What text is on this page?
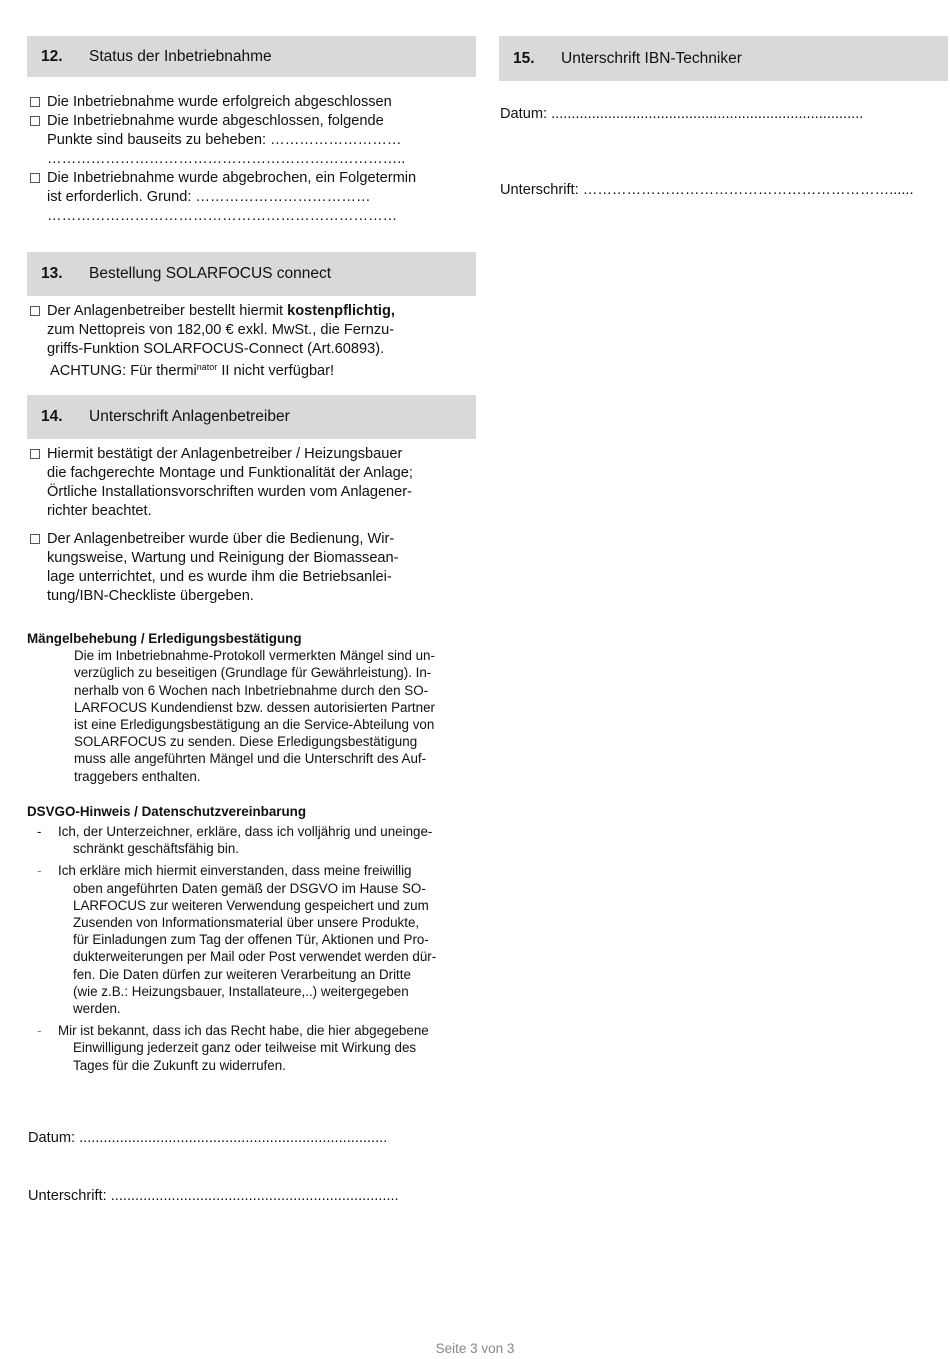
12.	Status der Inbetriebnahme
Die Inbetriebnahme wurde erfolgreich abgeschlossen
Die Inbetriebnahme wurde abgeschlossen, folgende
Punkte sind bauseits zu beheben: ………………………
………………………………………………………………..
Die Inbetriebnahme wurde abgebrochen, ein Folgetermin
ist erforderlich. Grund: ………………………………
………………………………………………………………
13.	Bestellung SOLARFOCUS connect
Der Anlagenbetreiber bestellt hiermit kostenpflichtig,
zum Nettopreis von 182,00 € exkl. MwSt., die Fernzu-
griffs-Funktion SOLARFOCUS-Connect (Art.60893).
ACHTUNG: Für thermi$^{nator}$ II nicht verfügbar!
14.	Unterschrift Anlagenbetreiber
Hiermit bestätigt der Anlagenbetreiber / Heizungsbauer
die fachgerechte Montage und Funktionalität der Anlage;
Örtliche Installationsvorschriften wurden vom Anlagener-
richter beachtet.
Der Anlagenbetreiber wurde über die Bedienung, Wir-
kungsweise, Wartung und Reinigung der Biomassean-
lage unterrichtet, und es wurde ihm die Betriebsanlei-
tung/IBN-Checkliste übergeben.
Mängelbehebung / Erledigungsbestätigung
Die im Inbetriebnahme-Protokoll vermerkten Mängel sind un-
verzüglich zu beseitigen (Grundlage für Gewährleistung). In-
nerhalb von 6 Wochen nach Inbetriebnahme durch den SO-
LARFOCUS Kundendienst bzw. dessen autorisierten Partner
ist eine Erledigungsbestätigung an die Service-Abteilung von
SOLARFOCUS zu senden. Diese Erledigungsbestätigung
muss alle angeführten Mängel und die Unterschrift des Auf-
traggebers enthalten.
DSVGO-Hinweis / Datenschutzvereinbarung
-	Ich, der Unterzeichner, erkläre, dass ich volljährig und uneinge-
schränkt geschäftsfähig bin.
-	Ich erkläre mich hiermit einverstanden, dass meine freiwillig
oben angeführten Daten gemäß der DSGVO im Hause SO-
LARFOCUS zur weiteren Verwendung gespeichert und zum
Zusenden von Informationsmaterial über unsere Produkte,
für Einladungen zum Tag der offenen Tür, Aktionen und Pro-
dukterweiterungen per Mail oder Post verwendet werden dür-
fen. Die Daten dürfen zur weiteren Verarbeitung an Dritte
(wie z.B.: Heizungsbauer, Installateure,..) weitergegeben
werden.
-	Mir ist bekannt, dass ich das Recht habe, die hier abgegebene
Einwilligung jederzeit ganz oder teilweise mit Wirkung des
Tages für die Zukunft zu widerrufen.
Datum: ............................................................................
Unterschrift: .......................................................................
15.	Unterschrift IBN-Techniker
Datum: .............................................................................
Unterschrift: ………………………………………………………......
Seite 3 von 3
